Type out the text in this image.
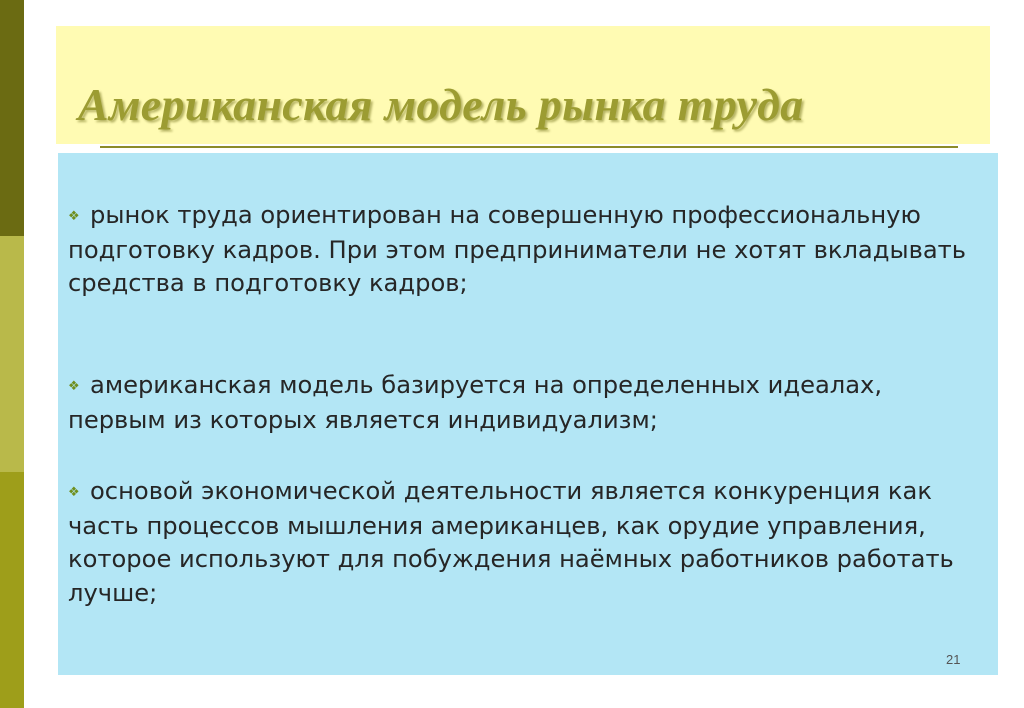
Американская модель рынка труда
❖ рынок труда ориентирован на совершенную профессиональную подготовку кадров. При этом предприниматели не хотят вкладывать средства в подготовку кадров;
❖ американская модель базируется на определенных идеалах, первым из которых является индивидуализм;
❖ основой экономической деятельности является конкуренция как часть процессов мышления американцев, как орудие управления, которое используют для побуждения наёмных работников работать лучше;
21
